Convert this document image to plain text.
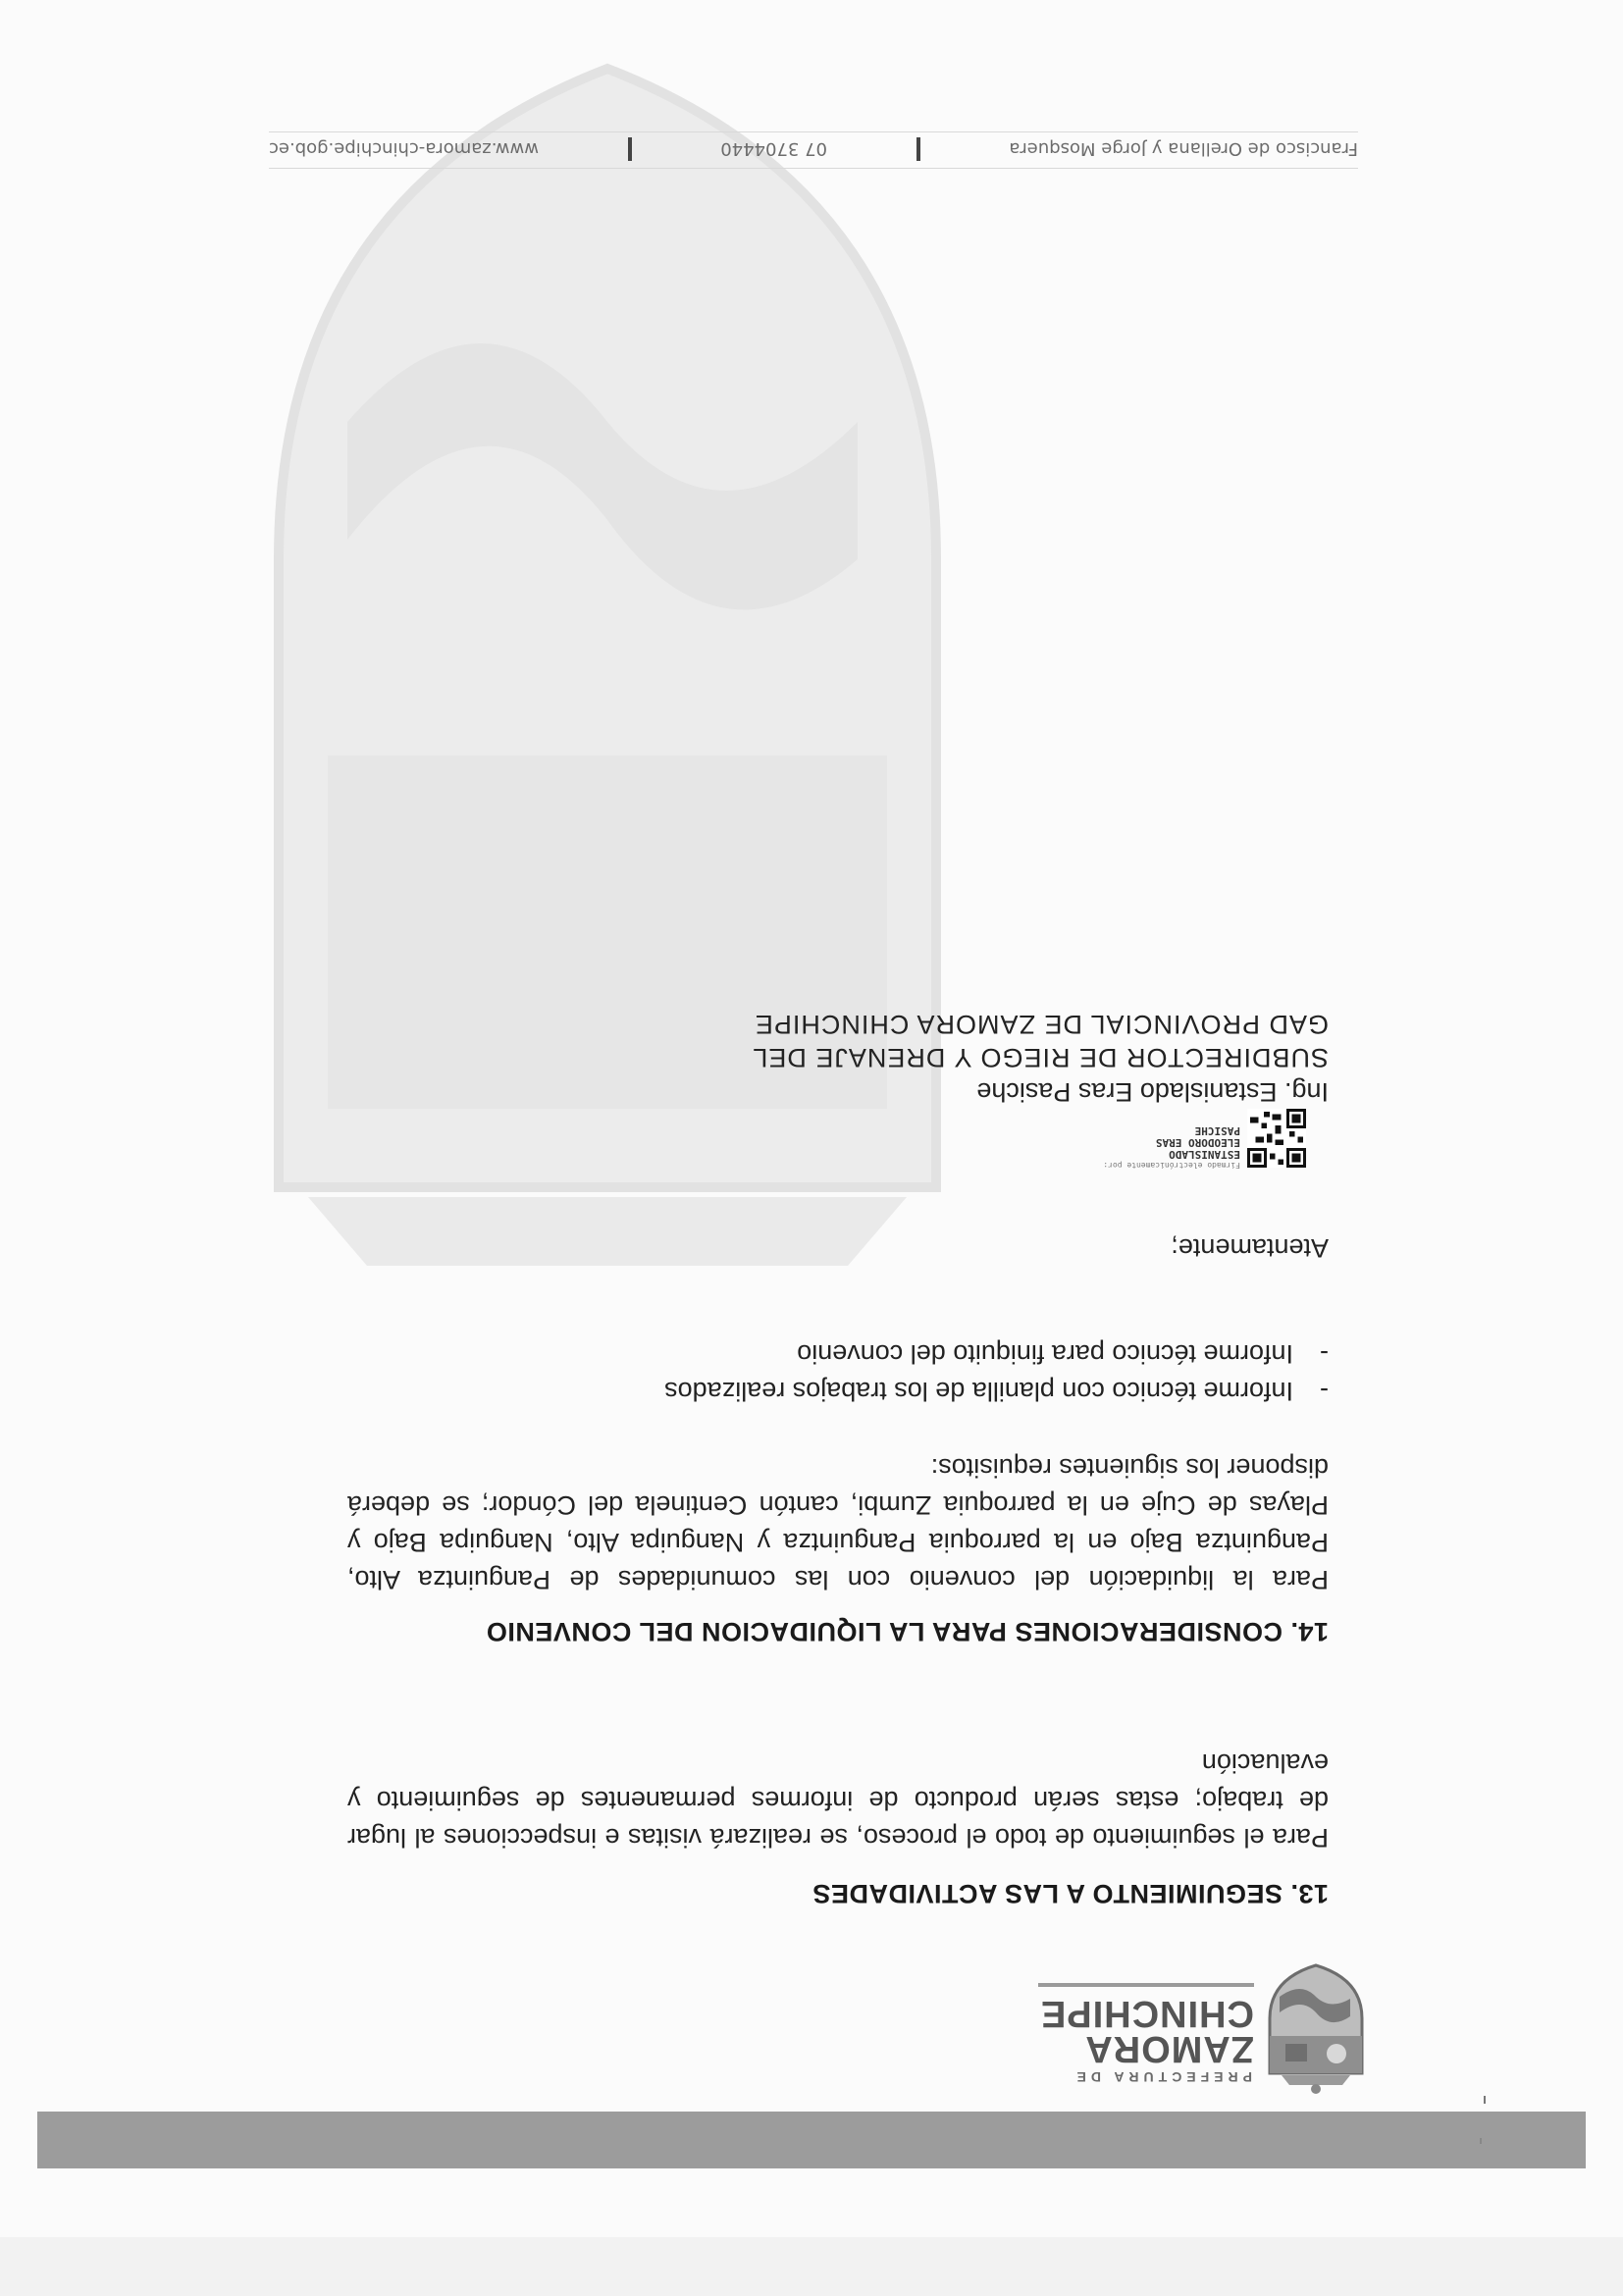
PREFECTURA DE
ZAMORA
CHINCHIPE
13. SEGUIMIENTO A LAS ACTIVIDADES

Para el seguimiento de todo el proceso, se realizará visitas e inspecciones al lugar de trabajo; estas serán producto de informes permanentes de seguimiento y evaluación

14. CONSIDERACIONES PARA LA LIQUIDACION DEL CONVENIO

Para la liquidación del convenio con las comunidades de Panguintza Alto, Panguintza Bajo en la parroquia Panguintza y Nanguipa Alto, Nanguipa Bajo y Playas de Cuje en la parroquia Zumbi, cantón Centinela del Cóndor; se deberá disponer los siguientes requisitos:

-Informe técnico con planilla de los trabajos realizados
-Informe técnico para finiquito del convenio

Atentamente;

Firmado electrónicamente por:
ESTANISLADO
ELEODORO ERAS
PASICHE

Ing. Estanislado Eras Pasiche

SUBDIRECTOR DE RIEGO Y DRENAJE DEL

GAD PROVINCIAL DE ZAMORA CHINCHIPE

Francisco de Orellana y Jorge Mosquera
07 3704440
www.zamora-chinchipe.gob.ec
